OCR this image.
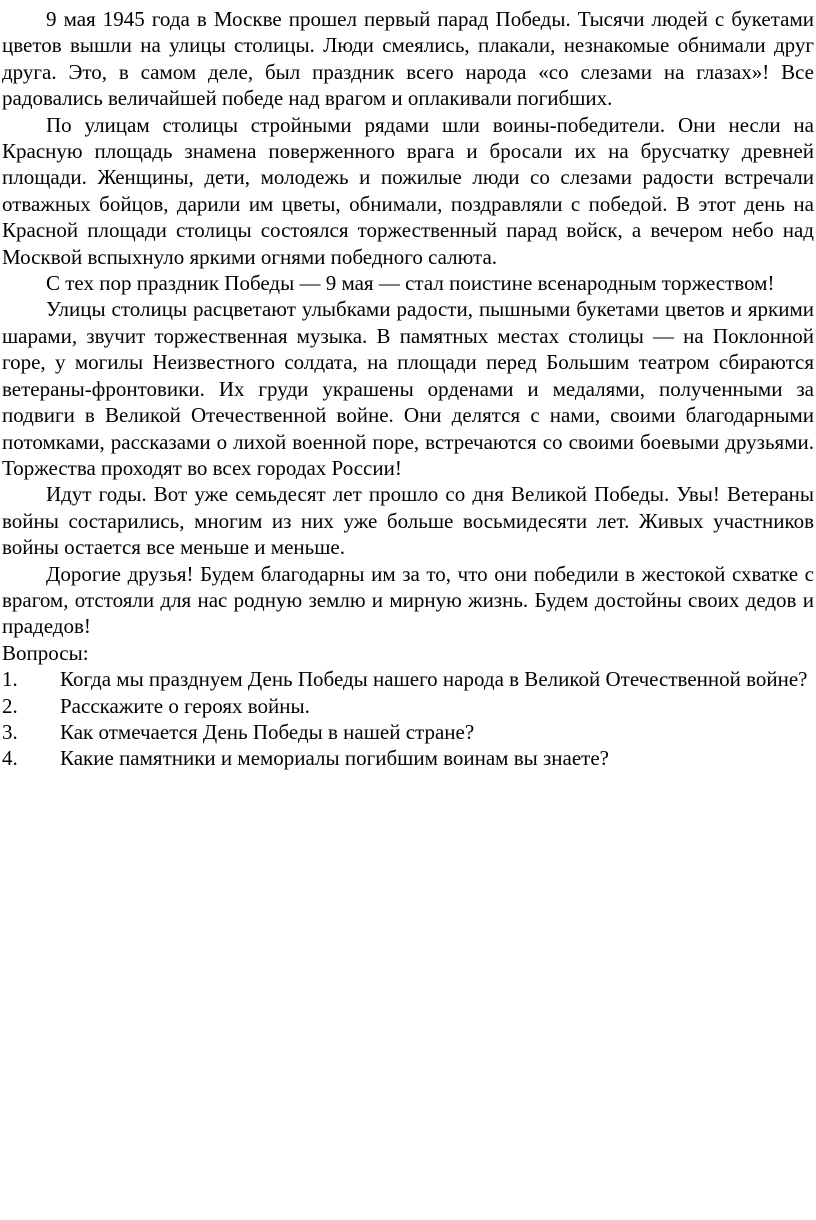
9 мая 1945 года в Москве прошел первый парад Победы. Тысячи людей с букетами цветов вышли на улицы столицы. Люди смеялись, плакали, незнакомые обнимали друг друга. Это, в самом деле, был праздник всего народа «со слезами на глазах»! Все радовались величайшей победе над врагом и оплакивали погибших.

По улицам столицы стройными рядами шли воины-победители. Они несли на Красную площадь знамена поверженного врага и бросали их на брусчатку древней площади. Женщины, дети, молодежь и пожилые люди со слезами радости встречали отважных бойцов, дарили им цветы, обнимали, поздравляли с победой. В этот день на Красной площади столицы состоялся торжественный парад войск, а вечером небо над Москвой вспыхнуло яркими огнями победного салюта.

С тех пор праздник Победы — 9 мая — стал поистине всенародным торжеством!

Улицы столицы расцветают улыбками радости, пышными букетами цветов и яркими шарами, звучит торжественная музыка. В памятных местах столицы — на Поклонной горе, у могилы Неизвестного солдата, на площади перед Большим театром сбираются ветераны-фронтовики. Их груди украшены орденами и медалями, полученными за подвиги в Великой Отечественной войне. Они делятся с нами, своими благодарными потомками, рассказами о лихой военной поре, встречаются со своими боевыми друзьями. Торжества проходят во всех городах России!

Идут годы. Вот уже семьдесят лет прошло со дня Великой Победы. Увы! Ветераны войны состарились, многим из них уже больше восьмидесяти лет. Живых участников войны остается все меньше и меньше.

Дорогие друзья! Будем благодарны им за то, что они победили в жестокой схватке с врагом, отстояли для нас родную землю и мирную жизнь. Будем достойны своих дедов и прадедов!

Вопросы:

1. Когда мы празднуем День Победы нашего народа в Великой Отечественной войне?
2.	Расскажите о героях войны.
3.	Как отмечается День Победы в нашей стране?
4.	Какие памятники и мемориалы погибшим воинам вы знаете?
